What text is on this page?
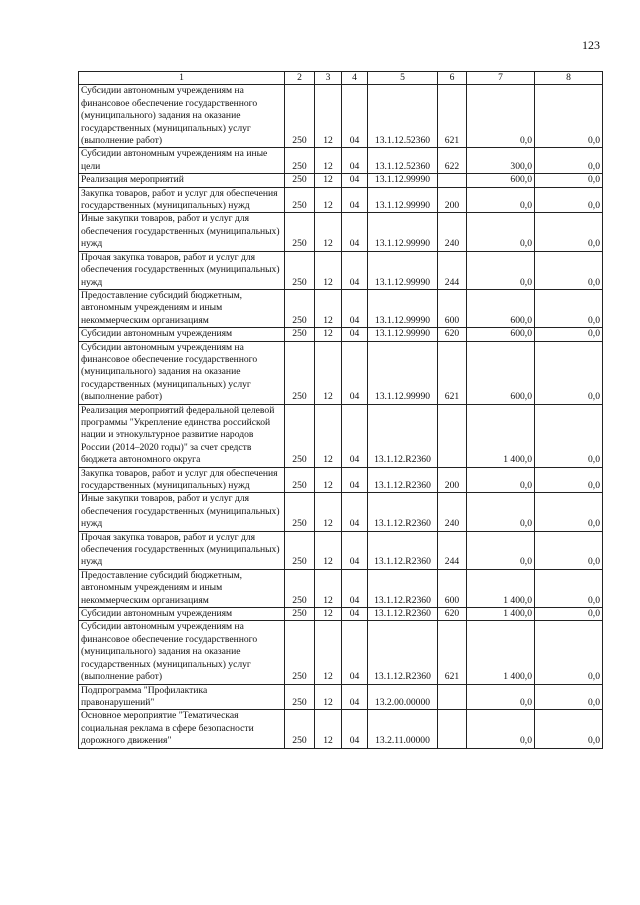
123
1	2	3	4	5	6	7	8
Субсидии автономным учреждениям на финансовое обеспечение государственного (муниципального) задания на оказание государственных (муниципальных) услуг (выполнение работ)	250	12	04	13.1.12.52360	621	0,0	0,0
Субсидии автономным учреждениям на иные цели	250	12	04	13.1.12.52360	622	300,0	0,0
Реализация мероприятий	250	12	04	13.1.12.99990		600,0	0,0
Закупка товаров, работ и услуг для обеспечения государственных (муниципальных) нужд	250	12	04	13.1.12.99990	200	0,0	0,0
Иные закупки товаров, работ и услуг для обеспечения государственных (муниципальных) нужд	250	12	04	13.1.12.99990	240	0,0	0,0
Прочая закупка товаров, работ и услуг для обеспечения государственных (муниципальных) нужд	250	12	04	13.1.12.99990	244	0,0	0,0
Предоставление субсидий бюджетным, автономным учреждениям и иным некоммерческим организациям	250	12	04	13.1.12.99990	600	600,0	0,0
Субсидии автономным учреждениям	250	12	04	13.1.12.99990	620	600,0	0,0
Субсидии автономным учреждениям на финансовое обеспечение государственного (муниципального) задания на оказание государственных (муниципальных) услуг (выполнение работ)	250	12	04	13.1.12.99990	621	600,0	0,0
Реализация мероприятий федеральной целевой программы "Укрепление единства российской нации и этнокультурное развитие народов России (2014–2020 годы)" за счет средств бюджета автономного округа	250	12	04	13.1.12.R2360		1 400,0	0,0
Закупка товаров, работ и услуг для обеспечения государственных (муниципальных) нужд	250	12	04	13.1.12.R2360	200	0,0	0,0
Иные закупки товаров, работ и услуг для обеспечения государственных (муниципальных) нужд	250	12	04	13.1.12.R2360	240	0,0	0,0
Прочая закупка товаров, работ и услуг для обеспечения государственных (муниципальных) нужд	250	12	04	13.1.12.R2360	244	0,0	0,0
Предоставление субсидий бюджетным, автономным учреждениям и иным некоммерческим организациям	250	12	04	13.1.12.R2360	600	1 400,0	0,0
Субсидии автономным учреждениям	250	12	04	13.1.12.R2360	620	1 400,0	0,0
Субсидии автономным учреждениям на финансовое обеспечение государственного (муниципального) задания на оказание государственных (муниципальных) услуг (выполнение работ)	250	12	04	13.1.12.R2360	621	1 400,0	0,0
Подпрограмма "Профилактика правонарушений"	250	12	04	13.2.00.00000		0,0	0,0
Основное мероприятие "Тематическая социальная реклама в сфере безопасности дорожного движения"	250	12	04	13.2.11.00000		0,0	0,0
